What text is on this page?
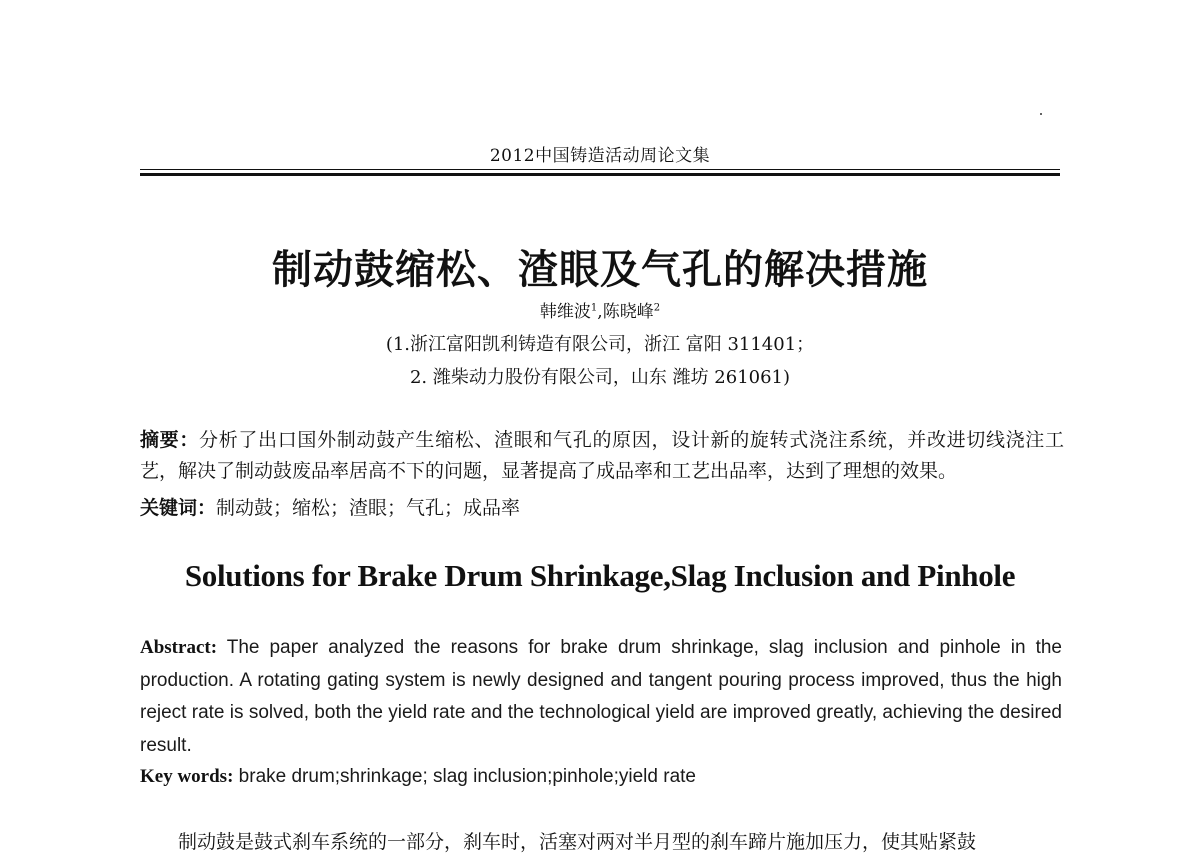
2012中国铸造活动周论文集
制动鼓缩松、渣眼及气孔的解决措施
韩维波$^1$,陈晓峰$^2$
(1.浙江富阳凯利铸造有限公司，浙江 富阳 311401；
2. 潍柴动力股份有限公司，山东 潍坊 261061)
摘要：分析了出口国外制动鼓产生缩松、渣眼和气孔的原因，设计新的旋转式浇注系统，并改进切线浇注工艺，解决了制动鼓废品率居高不下的问题，显著提高了成品率和工艺出品率，达到了理想的效果。
关键词：制动鼓；缩松；渣眼；气孔；成品率
Solutions for Brake Drum Shrinkage,Slag Inclusion and Pinhole
Abstract: The paper analyzed the reasons for brake drum shrinkage, slag inclusion and pinhole in the production. A rotating gating system is newly designed and tangent pouring process improved, thus the high reject rate is solved, both the yield rate and the technological yield are improved greatly, achieving the desired result.
Key words: brake drum;shrinkage; slag inclusion;pinhole;yield rate
制动鼓是鼓式刹车系统的一部分，刹车时，活塞对两对半月型的刹车蹄片施加压力，使其贴紧鼓
